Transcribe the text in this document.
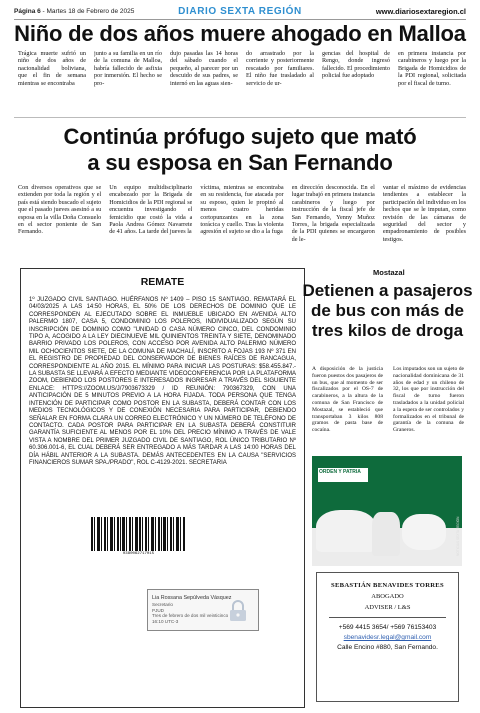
Página 6 - Martes 18 de Febrero de 2025	DIARIO SEXTA REGIÓN	www.diariosextaregion.cl
Niño de dos años muere ahogado en Malloa
Trágica muerte sufrió un niño de dos años de nacionalidad boliviana, que el fin de semana mientras se encontraba
junto a su familia en un río de la comuna de Malloa, habría fallecido de asfixia por inmersión. El hecho se pro-
dujo pasadas las 14 horas del sábado cuando el pequeño, al parecer por un descuido de sus padres, se internó en las aguas sien-
do arrastrado por la corriente y posteriormente rescatado por familiares. El niño fue trasladado al servicio de ur-
gencias del hospital de Rengo, donde ingresó fallecido. El procedimiento policial fue adoptado
en primera instancia por carabineros y luego por la Brigada de Homicidios de la PDI regional, solicitada por el fiscal de turno.
Continúa prófugo sujeto que mató
a su esposa en San Fernando
Con diversos operativos que se extienden por toda la región y el país está siendo buscado el sujeto que el pasado jueves asesinó a su esposa en la villa Doña Consuelo en el sector poniente de San Fernando.
Un equipo multidisciplinario encabezado por la Brigada de Homicidios de la PDI regional se encuentra investigando el femicidio que costó la vida a Paola Andrea Gómez Navarrete de 41 años. La tarde del jueves la
víctima, mientras se encontraba en su residencia, fue atacada por su esposo, quien le propinó al menos cuatro heridas cortopunzantes en la zona torácica y cuello. Tras la violenta agresión el sujeto se dio a la fuga
en dirección desconocida. En el lugar trabajó en primera instancia carabineros y luego por instrucción de la fiscal jefe de San Fernando, Yenny Muñoz Torres, la brigada especializada de la PDI quienes se encargaron de le-
vantar el máximo de evidencias tendientes a establecer la participación del individuo en los hechos que se le imputan, como revisión de las cámaras de seguridad del sector y empadronamiento de posibles testigos.
REMATE
1º JUZGADO CIVIL SANTIAGO. HUÉRFANOS Nº 1409 – PISO 15 SANTIAGO. REMATARÁ EL 04/03/2025 A LAS 14:50 HORAS, EL 50% DE LOS DERECHOS DE DOMINIO QUE LE CORRESPONDEN AL EJECUTADO SOBRE EL INMUEBLE UBICADO EN AVENIDA ALTO PALERMO 1807, CASA 5, CONDOMINIO LOS POLEROS, INDIVIDUALIZADO SEGÚN SU INSCRIPCIÓN DE DOMINIO COMO "UNIDAD O CASA NÚMERO CINCO, DEL CONDOMINIO TIPO A, ACOGIDO A LA LEY DIECINUEVE MIL QUINIENTOS TREINTA Y SIETE, DENOMINADO BARRIO PRIVADO LOS POLEROS, CON ACCESO POR AVENIDA ALTO PALERMO NÚMERO MIL OCHOCIENTOS SIETE, DE LA COMUNA DE MACHALÍ, INSCRITO A FOJAS 193 Nº 371 EN EL REGISTRO DE PROPIEDAD DEL CONSERVADOR DE BIENES RAÍCES DE RANCAGUA, CORRESPONDIENTE AL AÑO 2015. EL MÍNIMO PARA INICIAR LAS POSTURAS: $58.455.847.- LA SUBASTA SE LLEVARÁ A EFECTO MEDIANTE VIDEOCONFERENCIA POR LA PLATAFORMA ZOOM, DEBIENDO LOS POSTORES E INTERESADOS INGRESAR A TRAVÉS DEL SIGUIENTE ENLACE: HTTPS://ZOOM.US/J/7903673329 / ID REUNIÓN: 790367329, CON UNA ANTICIPACIÓN DE 5 MINUTOS PREVIO A LA HORA FIJADA. TODA PERSONA QUE TENGA INTENCIÓN DE PARTICIPAR COMO POSTOR EN LA SUBASTA, DEBERÁ CONTAR CON LOS MEDIOS TECNOLÓGICOS Y DE CONEXIÓN NECESARIA PARA PARTICIPAR, DEBIENDO SEÑALAR EN FORMA CLARA UN CORREO ELECTRÓNICO Y UN NÚMERO DE TELÉFONO DE CONTACTO. CADA POSTOR PARA PARTICIPAR EN LA SUBASTA DEBERÁ CONSTITUIR GARANTÍA SUFICIENTE AL MENOS POR EL 10% DEL PRECIO MÍNIMO A TRAVÉS DE VALE VISTA A NOMBRE DEL PRIMER JUZGADO CIVIL DE SANTIAGO, ROL ÚNICO TRIBUTARIO Nº 60.306.001-6, EL CUAL DEBERÁ SER ENTREGADO A MÁS TARDAR A LAS 14:00 HORAS DEL DÍA HÁBIL ANTERIOR A LA SUBASTA. DEMÁS ANTECEDENTES EN LA CAUSA "SERVICIOS FINANCIEROS SUMAR SPA./PRADO", ROL C-4129-2021. SECRETARIA
0380062717015
Lia Rossana Sepúlveda Vásquez
Secretario
PJUD
Tres de febrero de dos mil veinticinco
16:10 UTC-3
Mostazal
Detienen a pasajeros de bus con más de tres kilos de droga
A disposición de la justicia fueron puestos dos pasajeros de un bus, que al momento de ser fiscalizados por el OS-7 de carabineros, a la altura de la comuna de San Francisco de Mostazal, se estableció que transportaban 3 kilos 808 gramos de pasta base de cocaína.
Los imputados son un sujeto de nacionalidad dominicana de 31 años de edad y un chileno de 32, los que por instrucción del fiscal de turno fueron trasladados a la unidad policial a la espera de ser controlados y formalizados en el tribunal de garantía de la comuna de Graneros.
ORDEN Y PATRIA
NOTICIAS SEXTA REGIÓN
SEBASTIÁN BENAVIDES TORRES
ABOGADO
ADVISER / L&S
+569 4415 3654/ +569 76153403
sbenavidesr.legal@gmail.com
Calle Encino #880, San Fernando.
